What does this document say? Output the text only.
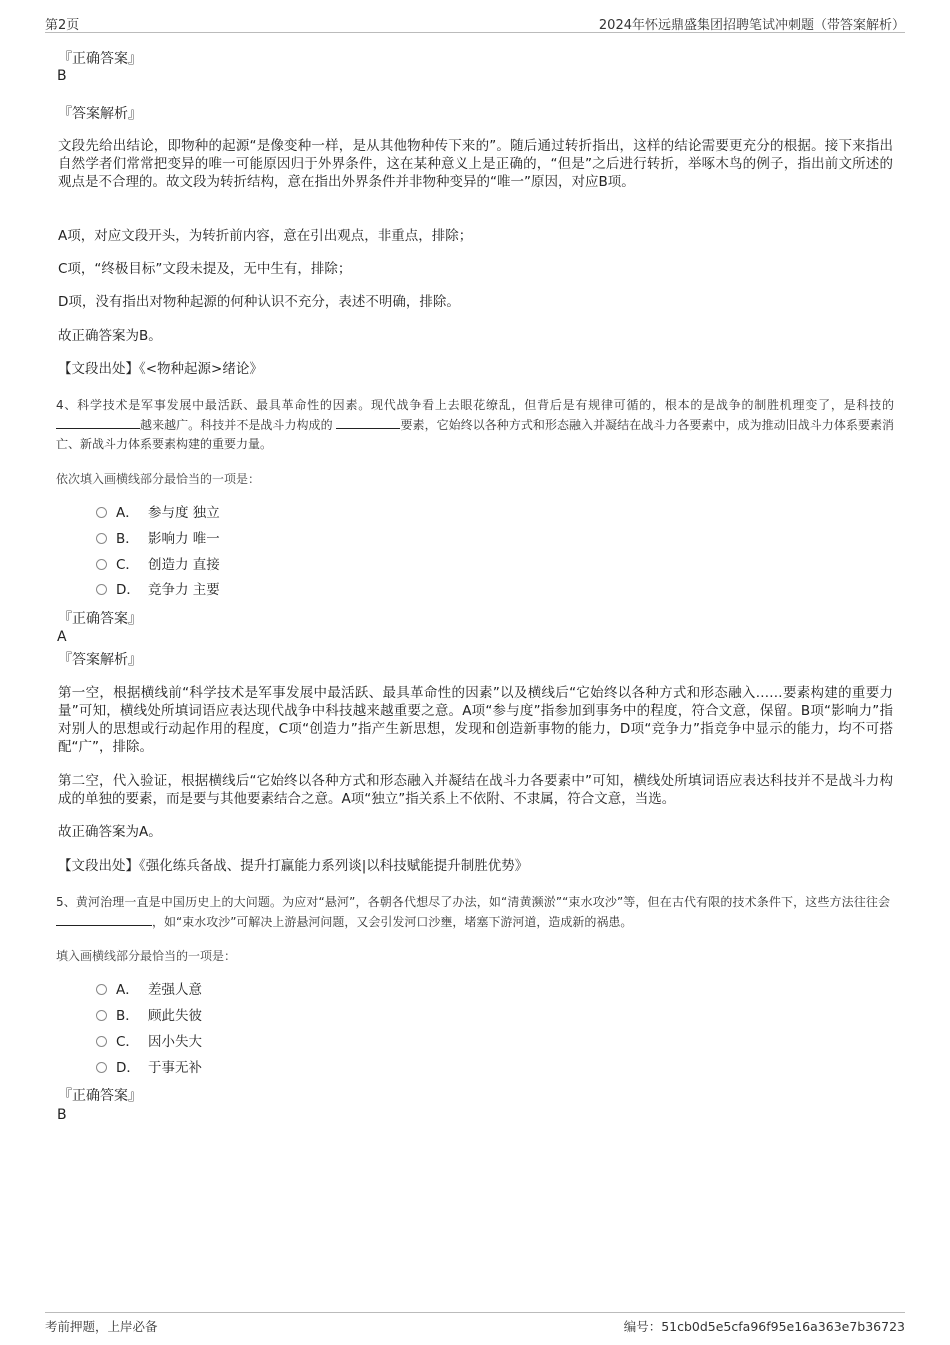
第2页	2024年怀远鼎盛集团招聘笔试冲刺题（带答案解析）
『正确答案』
B
『答案解析』
文段先给出结论，即物种的起源“是像变种一样，是从其他物种传下来的”。随后通过转折指出，这样的结论需要更充分的根据。接下来指出自然学者们常常把变异的唯一可能原因归于外界条件，这在某种意义上是正确的，“但是”之后进行转折，举啄木鸟的例子，指出前文所述的观点是不合理的。故文段为转折结构，意在指出外界条件并非物种变异的“唯一”原因，对应B项。
A项，对应文段开头，为转折前内容，意在引出观点，非重点，排除；
C项，“终极目标”文段未提及，无中生有，排除；
D项，没有指出对物种起源的何种认识不充分，表述不明确，排除。
故正确答案为B。
【文段出处】《<物种起源>绪论》
4、科学技术是军事发展中最活跃、最具革命性的因素。现代战争看上去眼花缭乱，但背后是有规律可循的，根本的是战争的制胜机理变了，是科技的越来越广。科技并不是战斗力构成的	要素，它始终以各种方式和形态融入并凝结在战斗力各要素中，成为推动旧战斗力体系要素消亡、新战斗力体系要素构建的重要力量。
依次填入画横线部分最恰当的一项是：
A． 参与度 独立
B． 影响力 唯一
C． 创造力 直接
D． 竞争力 主要
『正确答案』
A
『答案解析』
第一空，根据横线前“科学技术是军事发展中最活跃、最具革命性的因素”以及横线后“它始终以各种方式和形态融入……要素构建的重要力量”可知，横线处所填词语应表达现代战争中科技越来越重要之意。A项“参与度”指参加到事务中的程度，符合文意，保留。B项“影响力”指对别人的思想或行动起作用的程度，C项“创造力”指产生新思想，发现和创造新事物的能力，D项“竞争力”指竞争中显示的能力，均不可搭配“广”，排除。
第二空，代入验证，根据横线后“它始终以各种方式和形态融入并凝结在战斗力各要素中”可知，横线处所填词语应表达科技并不是战斗力构成的单独的要素，而是要与其他要素结合之意。A项“独立”指关系上不依附、不隶属，符合文意，当选。
故正确答案为A。
【文段出处】《强化练兵备战、提升打赢能力系列谈|以科技赋能提升制胜优势》
5、黄河治理一直是中国历史上的大问题。为应对“悬河”，各朝各代想尽了办法，如“清黄濒淤”“束水攻沙”等，但在古代有限的技术条件下，这些方法往往会 ，如“束水攻沙”可解决上游悬河问题，又会引发河口沙壅，堵塞下游河道，造成新的祸患。
填入画横线部分最恰当的一项是：
A． 差强人意
B． 顾此失彼
C． 因小失大
D． 于事无补
『正确答案』
B
考前押题，上岸必备	编号：51cb0d5e5cfa96f95e16a363e7b36723
